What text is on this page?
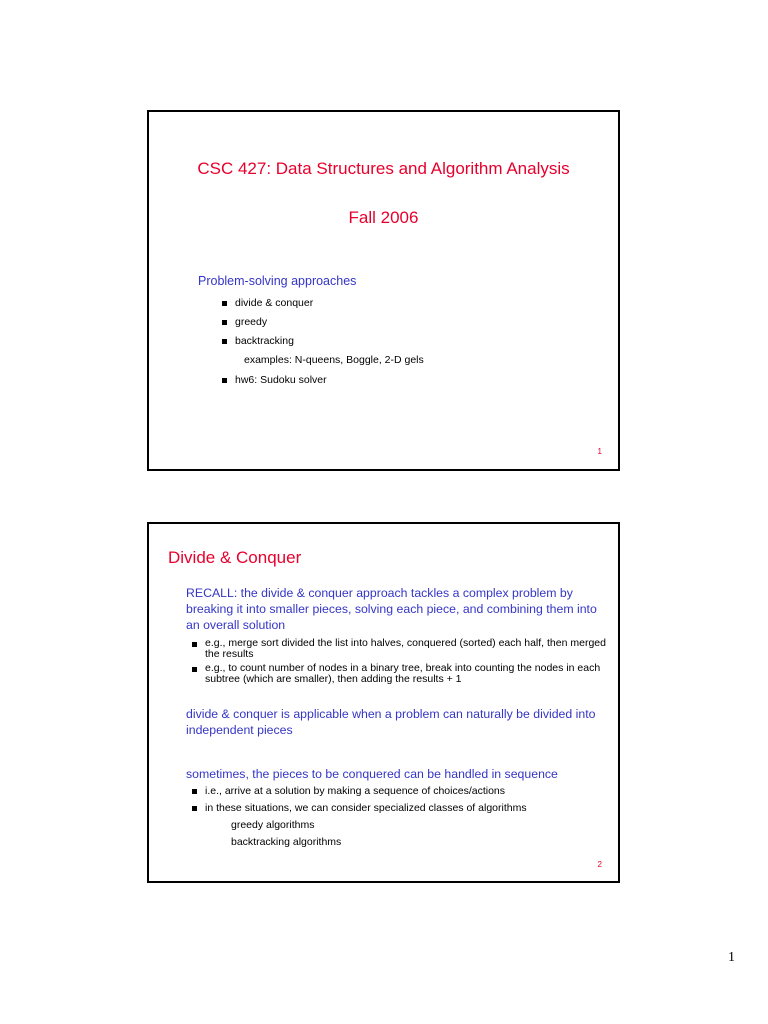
CSC 427: Data Structures and Algorithm Analysis
Fall 2006
Problem-solving approaches
divide & conquer
greedy
backtracking
examples: N-queens, Boggle, 2-D gels
hw6: Sudoku solver
1
Divide & Conquer
RECALL: the divide & conquer approach tackles a complex problem by
breaking it into smaller pieces, solving each piece, and combining them into
an overall solution
e.g., merge sort divided the list into halves, conquered (sorted) each half, then merged
the results
e.g., to count number of nodes in a binary tree, break into counting the nodes in each
subtree (which are smaller), then adding the results + 1
divide & conquer is applicable when a problem can naturally be divided into
independent pieces
sometimes, the pieces to be conquered can be handled in sequence
i.e., arrive at a solution by making a sequence of choices/actions
in these situations, we can consider specialized classes of algorithms
greedy algorithms
backtracking algorithms
2
1
